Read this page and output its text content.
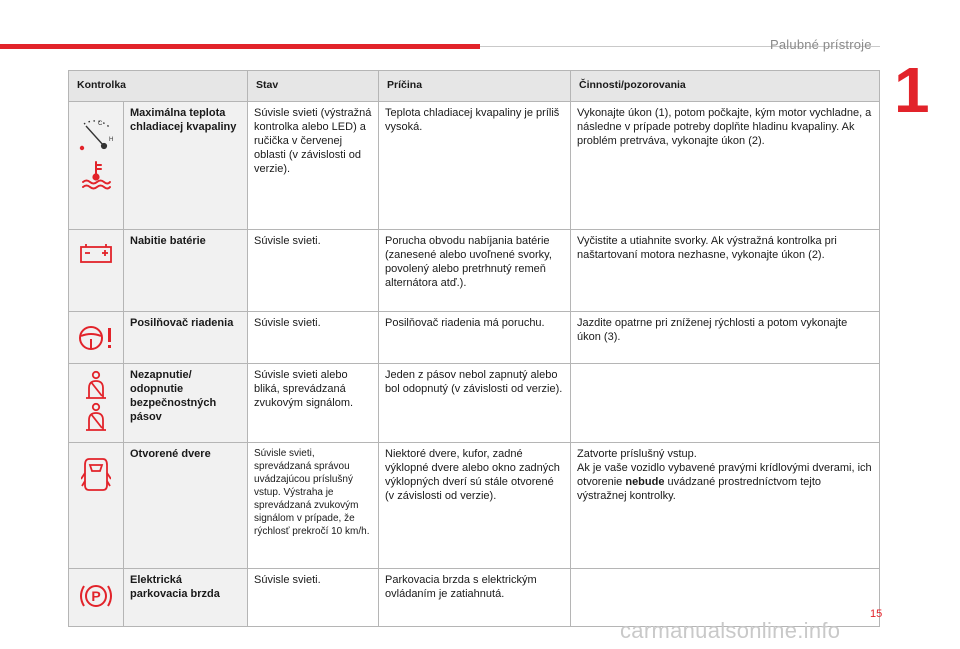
Palubné prístroje
1
Kontrolka		Stav	Príčina	Činnosti/pozorovania

C
H	Maximálna teplota chladiacej kvapaliny	Súvisle svieti (výstražná kontrolka alebo LED) a ručička v červenej oblasti (v závislosti od verzie).	Teplota chladiacej kvapaliny je príliš vysoká.	Vykonajte úkon (1), potom počkajte, kým motor vychladne, a následne v prípade potreby doplňte hladinu kvapaliny. Ak problém pretrváva, vykonajte úkon (2).

	Nabitie batérie	Súvisle svieti.	Porucha obvodu nabíjania batérie (zanesené alebo uvoľnené svorky, povolený alebo pretrhnutý remeň alternátora atď.).	Vyčistite a utiahnite svorky. Ak výstražná kontrolka pri naštartovaní motora nezhasne, vykonajte úkon (2).

	Posilňovač riadenia	Súvisle svieti.	Posilňovač riadenia má poruchu.	Jazdite opatrne pri zníženej rýchlosti a potom vykonajte úkon (3).

	Nezapnutie/ odopnutie bezpečnostných pásov	Súvisle svieti alebo bliká, sprevádzaná zvukovým signálom.	Jeden z pásov nebol zapnutý alebo bol odopnutý (v závislosti od verzie).	

	Otvorené dvere	Súvisle svieti, sprevádzaná správou uvádzajúcou príslušný vstup. Výstraha je sprevádzaná zvukovým signálom v prípade, že rýchlosť prekročí 10 km/h.	Niektoré dvere, kufor, zadné výklopné dvere alebo okno zadných výklopných dverí sú stále otvorené (v závislosti od verzie).	Zatvorte príslušný vstup.
Ak je vaše vozidlo vybavené pravými krídlovými dverami, ich otvorenie nebude uvádzané prostredníctvom tejto výstražnej kontrolky.

P	Elektrická parkovacia brzda	Súvisle svieti.	Parkovacia brzda s elektrickým ovládaním je zatiahnutá.	
15
carmanualsonline.info
